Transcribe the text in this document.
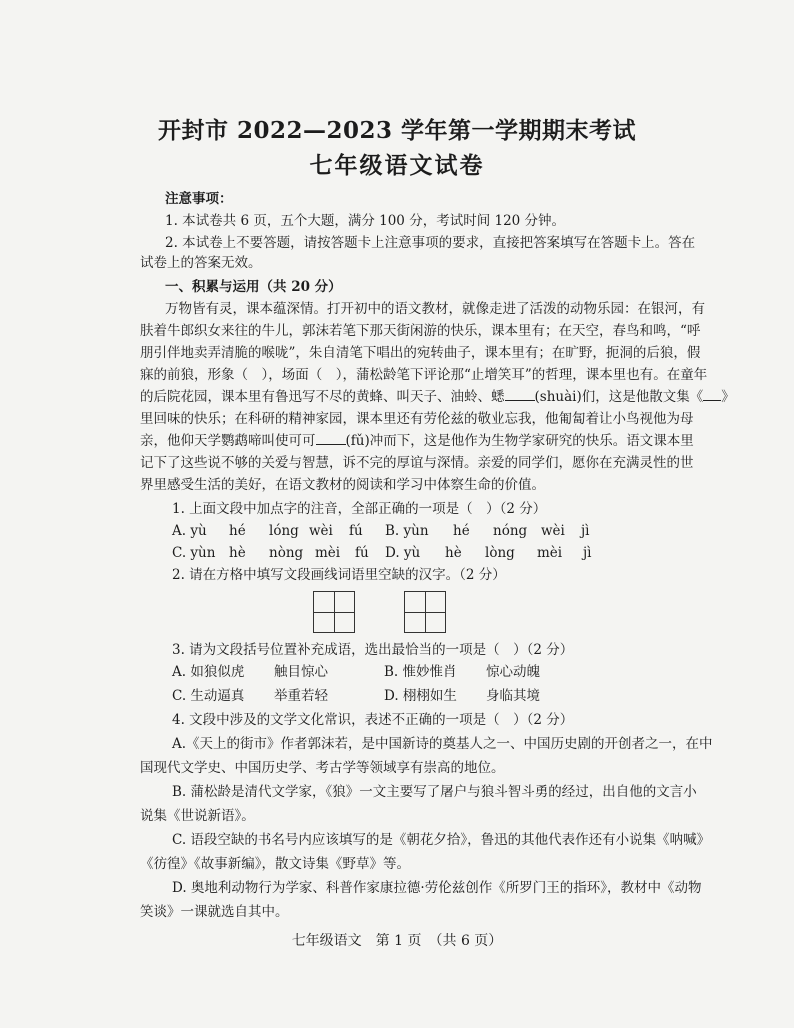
开封市 2022—2023 学年第一学期期末考试
七年级语文试卷
注意事项：
1. 本试卷共 6 页，五个大题，满分 100 分，考试时间 120 分钟。
2. 本试卷上不要答题，请按答题卡上注意事项的要求，直接把答案填写在答题卡上。答在
试卷上的答案无效。
一、积累与运用（共 20 分）
万物皆有灵，课本蕴深情。打开初中的语文教材，就像走进了活泼的动物乐园：在银河，有
肤着牛郎织女来往的牛儿，郭沫若笔下那天街闲游的快乐，课本里有；在天空，春鸟和鸣，“呼
朋引伴地卖弄清脆的喉咙”，朱自清笔下唱出的宛转曲子，课本里有；在旷野，扼洞的后狼，假
寐的前狼，形象（　），场面（　），蒲松龄笔下评论那“止增笑耳”的哲理，课本里也有。在童年
的后院花园，课本里有鲁迅写不尽的黄蜂、叫天子、油蛉、蟋 (shuài)们，这是他散文集《 》
里回味的快乐；在科研的精神家园，课本里还有劳伦兹的敬业忘我，他匍匐着让小鸟视他为母
亲，他仰天学鹦鹉啼叫使可可 (fǔ)冲而下，这是他作为生物学家研究的快乐。语文课本里
记下了这些说不够的关爱与智慧，诉不完的厚谊与深情。亲爱的同学们，愿你在充满灵性的世
界里感受生活的美好，在语文教材的阅读和学习中体察生命的价值。
1. 上面文段中加点字的注音，全部正确的一项是（　）（2 分）
A. yù hé lóng wèi fú	B. yùn hé nóng wèi jì
C. yùn hè nòng mèi fú	D. yù hè lòng mèi jì
2. 请在方格中填写文段画线词语里空缺的汉字。（2 分）
3. 请为文段括号位置补充成语，选出最恰当的一项是（　）（2 分）
A. 如狼似虎 触目惊心	B. 惟妙惟肖 惊心动魄
C. 生动逼真 举重若轻	D. 栩栩如生 身临其境
4. 文段中涉及的文学文化常识，表述不正确的一项是（　）（2 分）
A.《天上的街市》作者郭沫若，是中国新诗的奠基人之一、中国历史剧的开创者之一，在中
国现代文学史、中国历史学、考古学等领域享有崇高的地位。
B. 蒲松龄是清代文学家，《狼》一文主要写了屠户与狼斗智斗勇的经过，出自他的文言小
说集《世说新语》。
C. 语段空缺的书名号内应该填写的是《朝花夕拾》，鲁迅的其他代表作还有小说集《呐喊》
《彷徨》《故事新编》，散文诗集《野草》等。
D. 奥地利动物行为学家、科普作家康拉德·劳伦兹创作《所罗门王的指环》，教材中《动物
笑谈》一课就选自其中。
七年级语文　第 1 页　（共 6 页）
